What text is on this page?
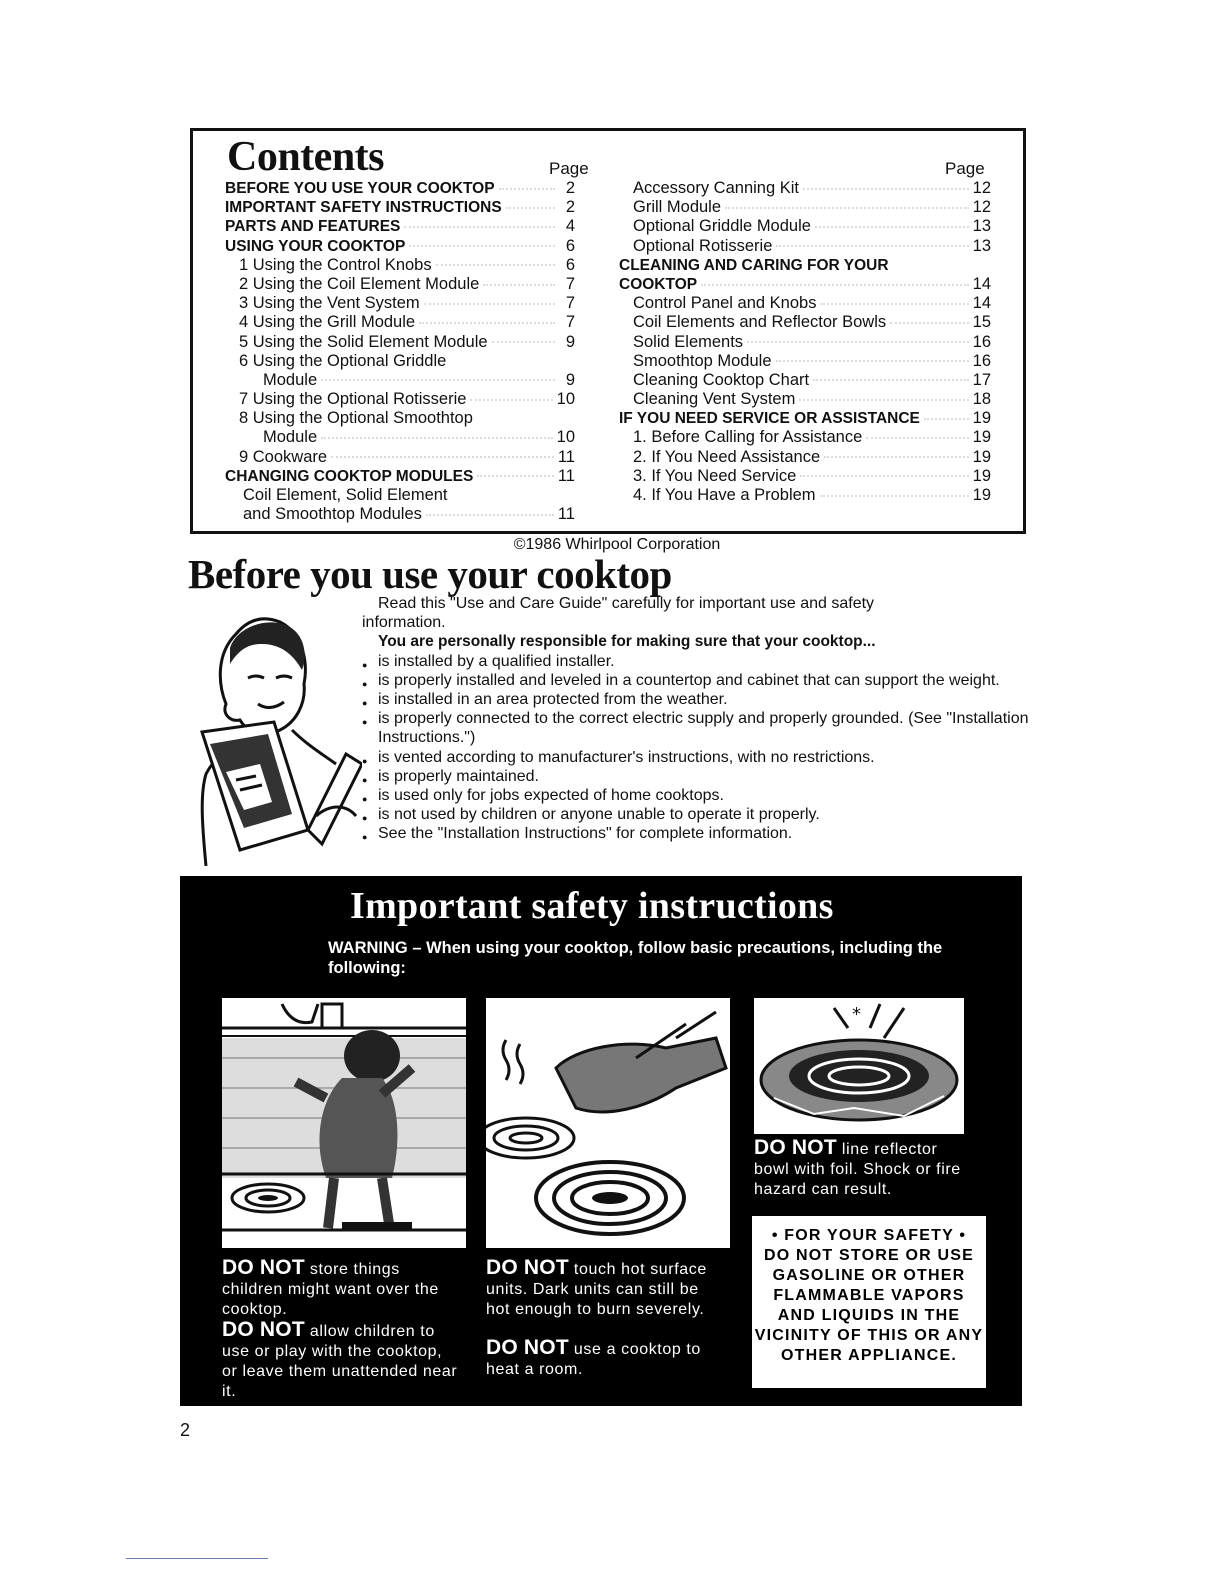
Contents	Page	Page
BEFORE YOU USE YOUR COOKTOP	2
IMPORTANT SAFETY INSTRUCTIONS	2
PARTS AND FEATURES	4
USING YOUR COOKTOP	6
1 Using the Control Knobs	6
2 Using the Coil Element Module	7
3 Using the Vent System	7
4 Using the Grill Module	7
5 Using the Solid Element Module	9
6 Using the Optional Griddle
Module	9
7 Using the Optional Rotisserie	10
8 Using the Optional Smoothtop
Module	10
9 Cookware	11
CHANGING COOKTOP MODULES	11
Coil Element, Solid Element
and Smoothtop Modules	11
Accessory Canning Kit	12
Grill Module	12
Optional Griddle Module	13
Optional Rotisserie	13
CLEANING AND CARING FOR YOUR
COOKTOP	14
Control Panel and Knobs	14
Coil Elements and Reflector Bowls	15
Solid Elements	16
Smoothtop Module	16
Cleaning Cooktop Chart	17
Cleaning Vent System	18
IF YOU NEED SERVICE OR ASSISTANCE	19
1. Before Calling for Assistance	19
2. If You Need Assistance	19
3. If You Need Service	19
4. If You Have a Problem	19
©1986 Whirlpool Corporation
Before you use your cooktop
Read this "Use and Care Guide" carefully for important use and safety
information.
You are personally responsible for making sure that your cooktop...
● is installed by a qualified installer.
● is properly installed and leveled in a countertop and cabinet that can support the weight.
● is installed in an area protected from the weather.
● is properly connected to the correct electric supply and properly grounded. (See "Installation Instructions.")
● is vented according to manufacturer's instructions, with no restrictions.
● is properly maintained.
● is used only for jobs expected of home cooktops.
● is not used by children or anyone unable to operate it properly.
● See the "Installation Instructions" for complete information.
Important safety instructions
WARNING – When using your cooktop, follow basic precautions, including the following:
*
DO NOT store things children might want over the cooktop.
DO NOT allow children to use or play with the cooktop, or leave them unattended near it.
DO NOT touch hot surface units. Dark units can still be hot enough to burn severely.
DO NOT use a cooktop to heat a room.
DO NOT line reflector bowl with foil. Shock or fire hazard can result.
• FOR YOUR SAFETY •
DO NOT STORE OR USE GASOLINE OR OTHER FLAMMABLE VAPORS AND LIQUIDS IN THE VICINITY OF THIS OR ANY OTHER APPLIANCE.
2
